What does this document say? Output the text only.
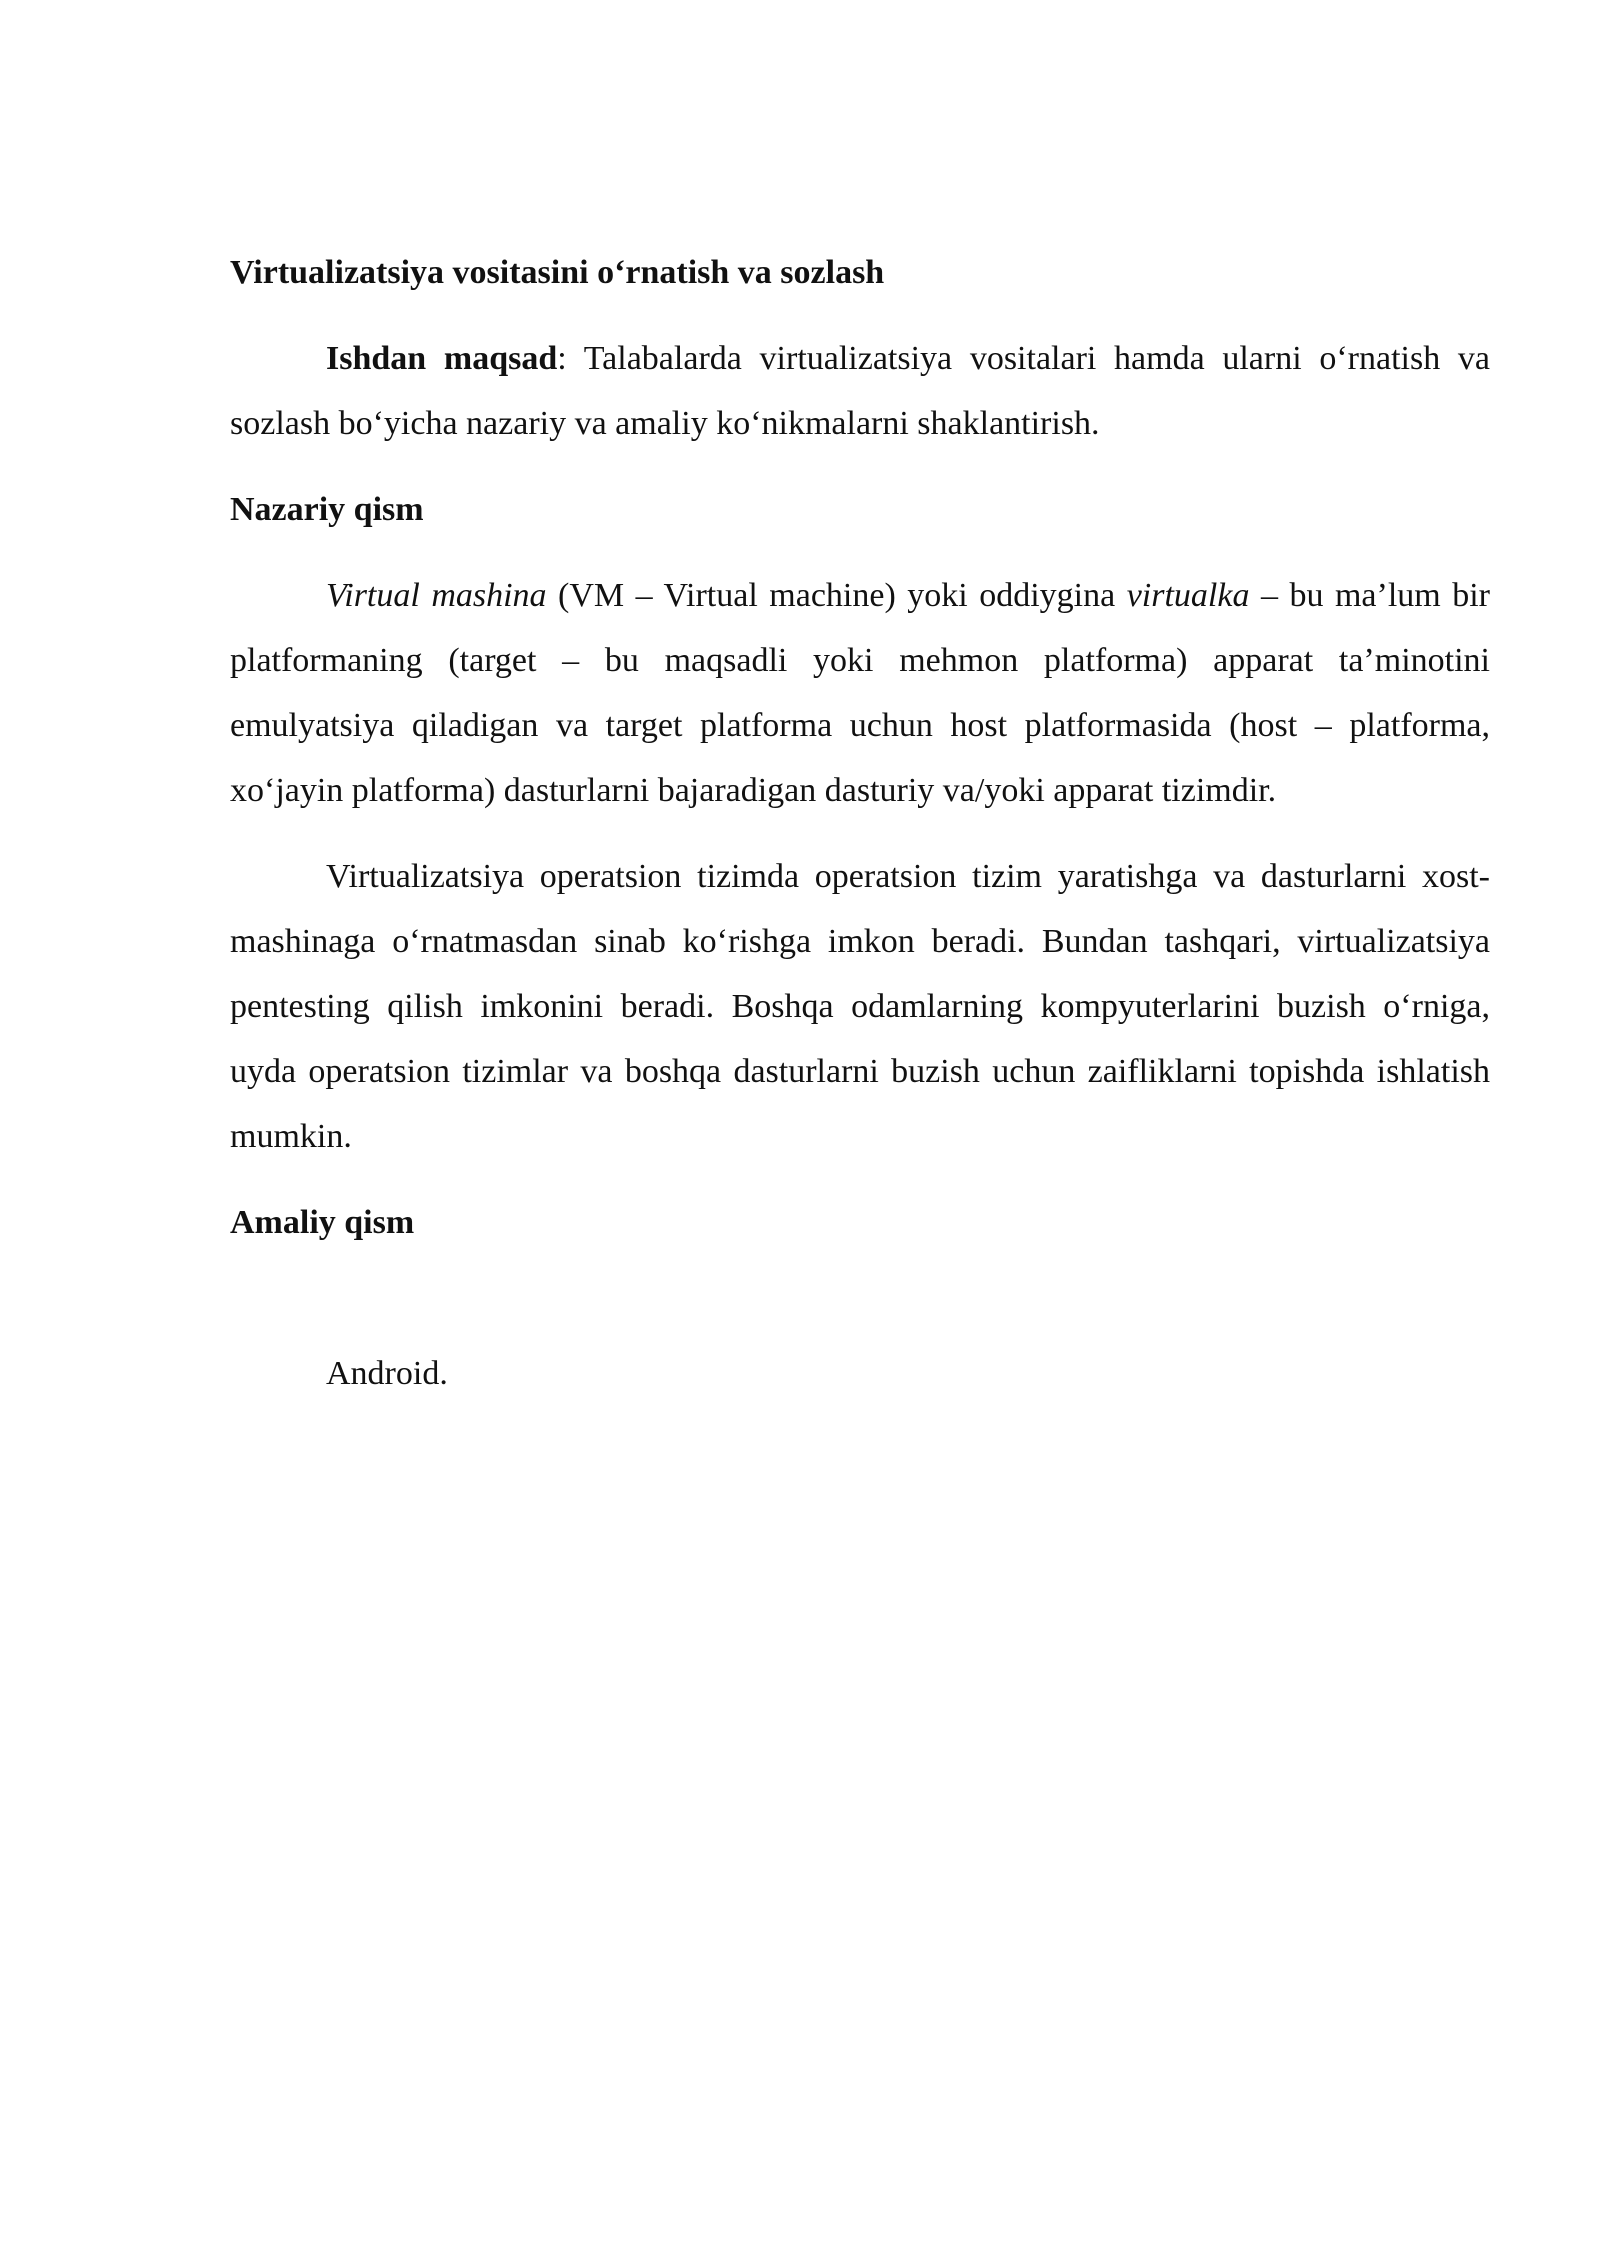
Virtualizatsiya vositasini o‘rnatish va sozlash

Ishdan maqsad: Talabalarda virtualizatsiya vositalari hamda ularni o‘rnatish va sozlash bo‘yicha nazariy va amaliy ko‘nikmalarni shaklantirish.

Nazariy qism

Virtual mashina (VM – Virtual machine) yoki oddiygina virtualka – bu ma’lum bir platformaning (target – bu maqsadli yoki mehmon platforma) apparat ta’minotini emulyatsiya qiladigan va target platforma uchun host platformasida (host – platforma, xo‘jayin platforma) dasturlarni bajaradigan dasturiy va/yoki apparat tizimdir.

Virtualizatsiya operatsion tizimda operatsion tizim yaratishga va dasturlarni xost-mashinaga o‘rnatmasdan sinab ko‘rishga imkon beradi. Bundan tashqari, virtualizatsiya pentesting qilish imkonini beradi. Boshqa odamlarning kompyuterlarini buzish o‘rniga, uyda operatsion tizimlar va boshqa dasturlarni buzish uchun zaifliklarni topishda ishlatish mumkin.

Amaliy qism

Android.
